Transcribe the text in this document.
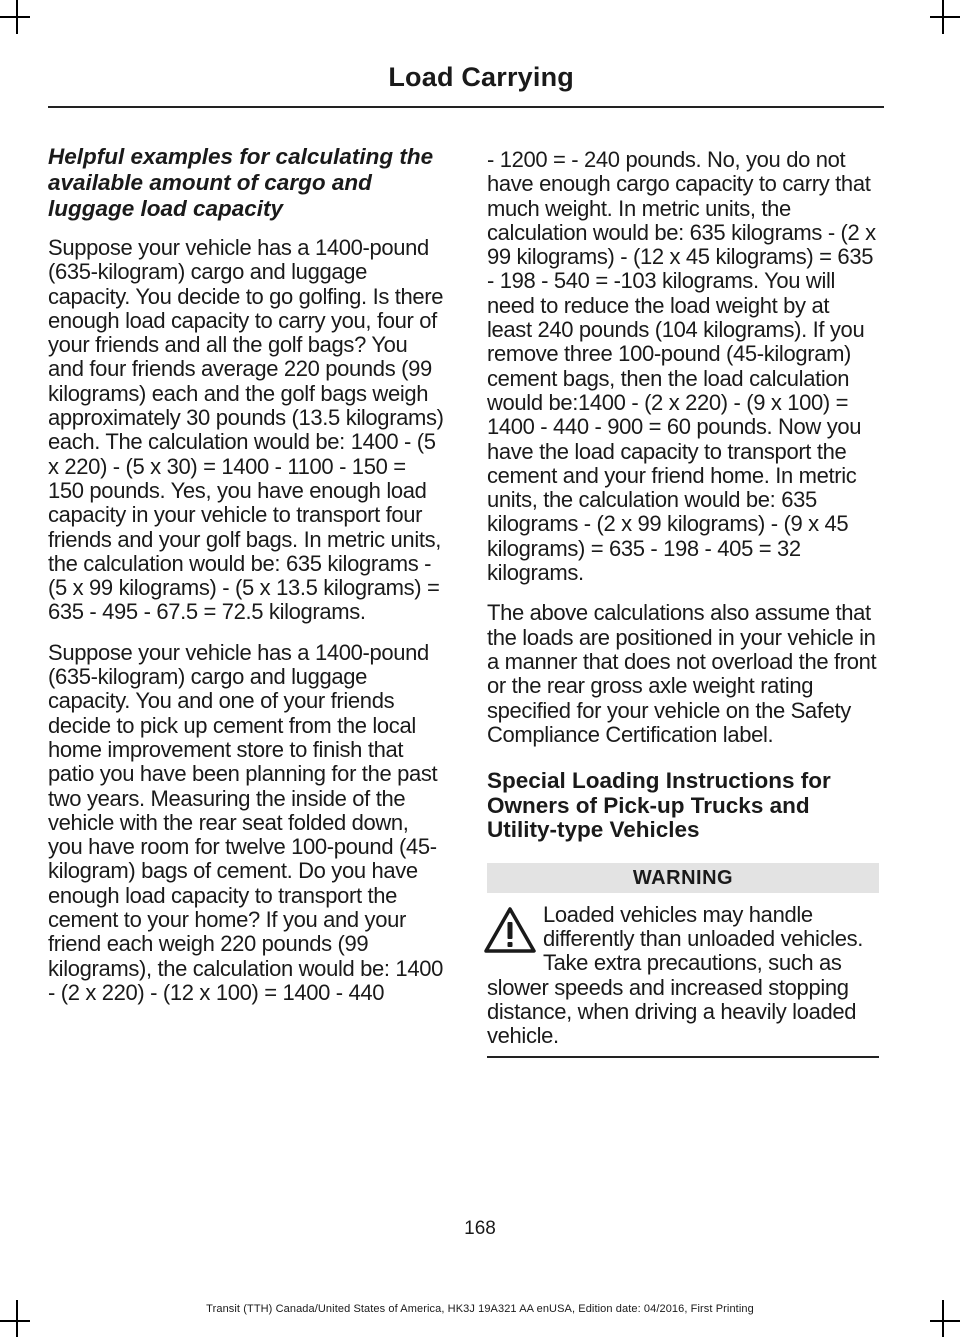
Load Carrying
Helpful examples for calculating the available amount of cargo and luggage load capacity

Suppose your vehicle has a 1400-pound (635-kilogram) cargo and luggage capacity. You decide to go golfing. Is there enough load capacity to carry you, four of your friends and all the golf bags? You and four friends average 220 pounds (99 kilograms) each and the golf bags weigh approximately 30 pounds (13.5 kilograms) each. The calculation would be: 1400 - (5 x 220) - (5 x 30) = 1400 - 1100 - 150 = 150 pounds. Yes, you have enough load capacity in your vehicle to transport four friends and your golf bags. In metric units, the calculation would be: 635 kilograms - (5 x 99 kilograms) - (5 x 13.5 kilograms) = 635 - 495 - 67.5 = 72.5 kilograms.

Suppose your vehicle has a 1400-pound (635-kilogram) cargo and luggage capacity. You and one of your friends decide to pick up cement from the local home improvement store to finish that patio you have been planning for the past two years. Measuring the inside of the vehicle with the rear seat folded down, you have room for twelve 100-pound (45-kilogram) bags of cement. Do you have enough load capacity to transport the cement to your home? If you and your friend each weigh 220 pounds (99 kilograms), the calculation would be: 1400 - (2 x 220) - (12 x 100) = 1400 - 440

- 1200 = - 240 pounds. No, you do not have enough cargo capacity to carry that much weight. In metric units, the calculation would be: 635 kilograms - (2 x 99 kilograms) - (12 x 45 kilograms) = 635 - 198 - 540 = -103 kilograms. You will need to reduce the load weight by at least 240 pounds (104 kilograms). If you remove three 100-pound (45-kilogram) cement bags, then the load calculation would be:1400 - (2 x 220) - (9 x 100) = 1400 - 440 - 900 = 60 pounds. Now you have the load capacity to transport the cement and your friend home. In metric units, the calculation would be: 635 kilograms - (2 x 99 kilograms) - (9 x 45 kilograms) = 635 - 198 - 405 = 32 kilograms.

The above calculations also assume that the loads are positioned in your vehicle in a manner that does not overload the front or the rear gross axle weight rating specified for your vehicle on the Safety Compliance Certification label.

Special Loading Instructions for Owners of Pick-up Trucks and Utility-type Vehicles
WARNING

Loaded vehicles may handle differently than unloaded vehicles. Take extra precautions, such as slower speeds and increased stopping distance, when driving a heavily loaded vehicle.

168
Transit (TTH) Canada/United States of America, HK3J 19A321 AA enUSA, Edition date: 04/2016, First Printing
